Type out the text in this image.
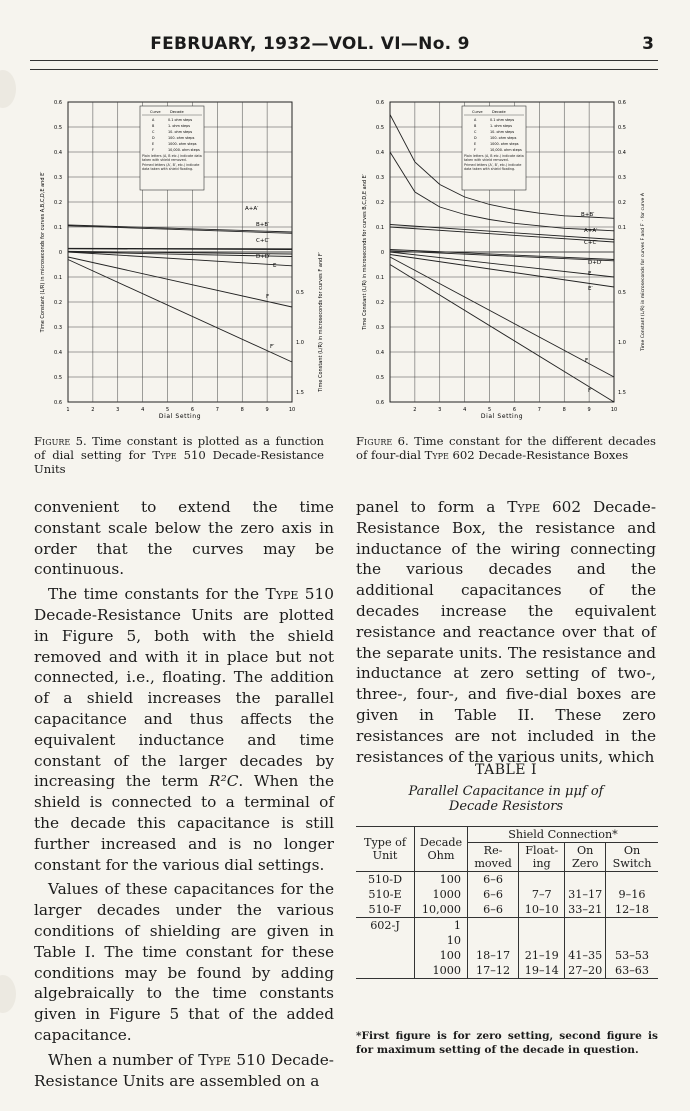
FEBRUARY, 1932—VOL. VI—No. 9	3
A+A′
B+B′
C+C′
D+D′
E
F
F′
0.6
0.5
0.4
0.3
0.2
0.1
0
0.1
0.2
0.3
0.4
0.5
0.6
1	2	3	4	5	6	7	8	9	10
0.5
1.0
1.5
Curve	Decade
A	0.1 ohm steps
B	1. ohm steps
C	10. ohm steps
D	100. ohm steps
E	1000. ohm steps
F	10,000. ohm steps
Plain letters (A, B etc.) indicate data taken with shield removed.
Primed letters (A′, B′, etc.) indicate data taken with shield floating.
Dial Setting
Time Constant (L/R) in microseconds for curves A,B,C,D,E and E′	Time Constant (L/R) in microseconds for curves F and F′
B+B′
A+A′
C+C′
D+D′
E
E′
F
F′
0.6
0.5
0.4
0.3
0.2
0.1
0
0.1
0.2
0.3
0.4
0.5
0.6
2	3	4	5	6	7	8	9	10
0.6
0.5
0.4
0.3
0.2
0.1
0.5
1.0
1.5
Curve	Decade
A	0.1 ohm steps
B	1. ohm steps
C	10. ohm steps
D	100. ohm steps
E	1000. ohm steps
F	10,000. ohm steps
Plain letters (A, B etc.) indicate data taken with shield removed.
Primed letters (A′, B′, etc.) indicate data taken with shield floating.
Dial Setting
Time Constant (L/R) in microseconds for curves B,C,D,E and E′	Time Constant (L/R) in microseconds for curves F and F′ · for curve A
Figure 5. Time constant is plotted as a function of dial setting for Type 510 Decade-Resistance Units
Figure 6. Time constant for the different decades of four-dial Type 602 Decade-Resistance Boxes

convenient to extend the time constant scale below the zero axis in order that the curves may be continuous.

The time constants for the Type 510 Decade-Resistance Units are plotted in Figure 5, both with the shield removed and with it in place but not connected, i.e., floating. The addition of a shield increases the parallel capacitance and thus affects the equivalent inductance and time constant of the larger decades by increasing the term R²C. When the shield is connected to a terminal of the decade this capacitance is still further increased and is no longer constant for the various dial settings.

Values of these capacitances for the larger decades under the various conditions of shielding are given in Table I. The time constant for these conditions may be found by adding algebraically to the time constants given in Figure 5 that of the added capacitance.

When a number of Type 510 Decade-Resistance Units are assembled on a

panel to form a Type 602 Decade-Resistance Box, the resistance and inductance of the wiring connecting the various decades and the additional capacitances of the decades increase the equivalent resistance and reactance over that of the separate units. The resistance and inductance at zero setting of two-, three-, four-, and five-dial boxes are given in Table II. These zero resistances are not included in the resistances of the various units, which

TABLE I
Parallel Capacitance in μμf of
Decade Resistors
Type of Unit	Decade Ohm	Shield Connection*			
		Re-moved	Float-ing	On Zero	On Switch
510-D	100	6–6			
510-E	1000	6–6	7–7	31–17	9–16
510-F	10,000	6–6	10–10	33–21	12–18
602-J	1				
	10				
	100	18–17	21–19	41–35	53–53
	1000	17–12	19–14	27–20	63–63
*First figure is for zero setting, second figure is for maximum setting of the decade in question.
